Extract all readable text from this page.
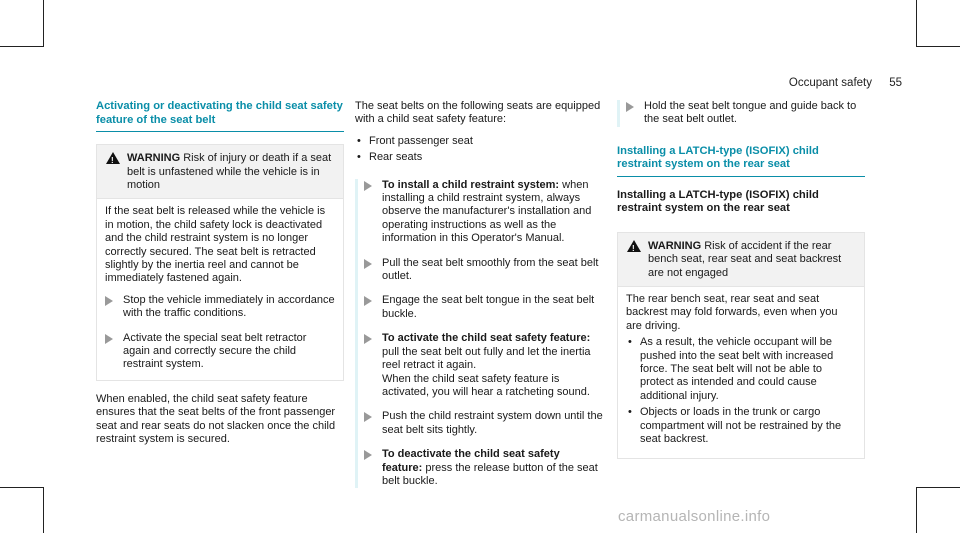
Occupant safety 55
Activating or deactivating the child seat safety feature of the seat belt
!
WARNING Risk of injury or death if a seat belt is unfastened while the vehicle is in motion

If the seat belt is released while the vehicle is in motion, the child safety lock is deactivated and the child restraint system is no longer correctly secured. The seat belt is retracted slightly by the inertia reel and cannot be immediately fastened again.

Stop the vehicle immediately in accordance with the traffic conditions.
Activate the special seat belt retractor again and correctly secure the child restraint system.

When enabled, the child seat safety feature ensures that the seat belts of the front passenger seat and rear seats do not slacken once the child restraint system is secured.

The seat belts on the following seats are equipped with a child seat safety feature:

• Front passenger seat
• Rear seats
To install a child restraint system: when installing a child restraint system, always observe the manufacturer's installation and operating instructions as well as the information in this Operator's Manual.
Pull the seat belt smoothly from the seat belt outlet.
Engage the seat belt tongue in the seat belt buckle.
To activate the child seat safety feature: pull the seat belt out fully and let the inertia reel retract it again.
When the child seat safety feature is activated, you will hear a ratcheting sound.
Push the child restraint system down until the seat belt sits tightly.
To deactivate the child seat safety feature: press the release button of the seat belt buckle.
Hold the seat belt tongue and guide back to the seat belt outlet.
Installing a LATCH-type (ISOFIX) child restraint system on the rear seat
Installing a LATCH-type (ISOFIX) child restraint system on the rear seat
!
WARNING Risk of accident if the rear bench seat, rear seat and seat backrest are not engaged

The rear bench seat, rear seat and seat backrest may fold forwards, even when you are driving.

• As a result, the vehicle occupant will be pushed into the seat belt with increased force. The seat belt will not be able to protect as intended and could cause additional injury.
• Objects or loads in the trunk or cargo compartment will not be restrained by the seat backrest.
carmanualsonline.info
